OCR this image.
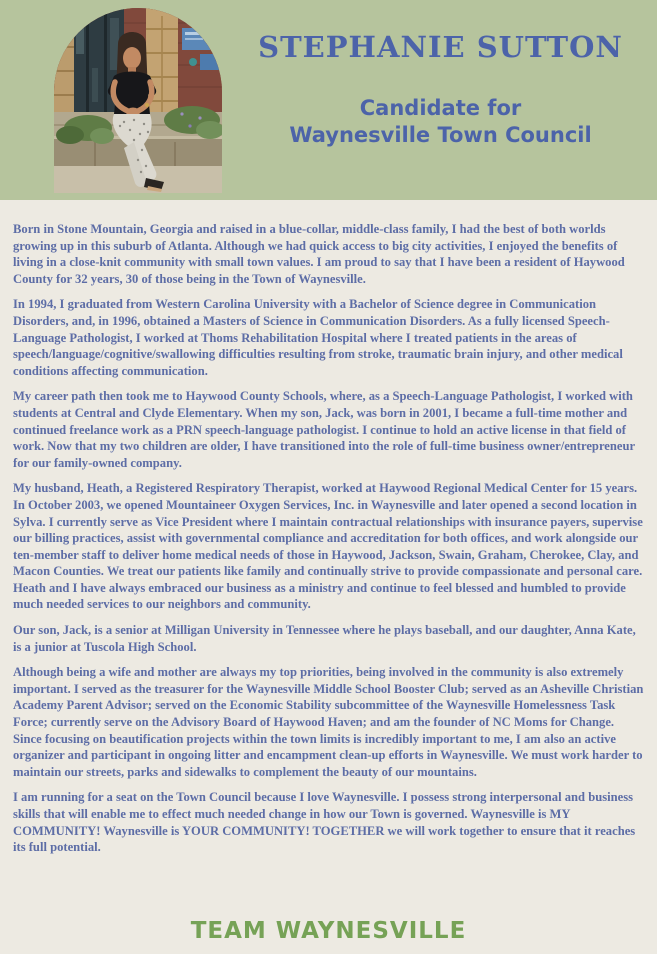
STEPHANIE SUTTON
Candidate for
Waynesville Town Council

Born in Stone Mountain, Georgia and raised in a blue-collar, middle-class family, I had the best of both worlds growing up in this suburb of Atlanta. Although we had quick access to big city activities, I enjoyed the benefits of living in a close-knit community with small town values. I am proud to say that I have been a resident of Haywood County for 32 years, 30 of those being in the Town of Waynesville.

In 1994, I graduated from Western Carolina University with a Bachelor of Science degree in Communication Disorders, and, in 1996, obtained a Masters of Science in Communication Disorders. As a fully licensed Speech-Language Pathologist, I worked at Thoms Rehabilitation Hospital where I treated patients in the areas of speech/language/cognitive/swallowing difficulties resulting from stroke, traumatic brain injury, and other medical conditions affecting communication.

My career path then took me to Haywood County Schools, where, as a Speech-Language Pathologist, I worked with students at Central and Clyde Elementary. When my son, Jack, was born in 2001, I became a full-time mother and continued freelance work as a PRN speech-language pathologist. I continue to hold an active license in that field of work. Now that my two children are older, I have transitioned into the role of full-time business owner/entrepreneur for our family-owned company.

My husband, Heath, a Registered Respiratory Therapist, worked at Haywood Regional Medical Center for 15 years. In October 2003, we opened Mountaineer Oxygen Services, Inc. in Waynesville and later opened a second location in Sylva. I currently serve as Vice President where I maintain contractual relationships with insurance payers, supervise our billing practices, assist with governmental compliance and accreditation for both offices, and work alongside our ten-member staff to deliver home medical needs of those in Haywood, Jackson, Swain, Graham, Cherokee, Clay, and Macon Counties. We treat our patients like family and continually strive to provide compassionate and personal care. Heath and I have always embraced our business as a ministry and continue to feel blessed and humbled to provide much needed services to our neighbors and community.

Our son, Jack, is a senior at Milligan University in Tennessee where he plays baseball, and our daughter, Anna Kate, is a junior at Tuscola High School.

Although being a wife and mother are always my top priorities, being involved in the community is also extremely important. I served as the treasurer for the Waynesville Middle School Booster Club; served as an Asheville Christian Academy Parent Advisor; served on the Economic Stability subcommittee of the Waynesville Homelessness Task Force; currently serve on the Advisory Board of Haywood Haven; and am the founder of NC Moms for Change. Since focusing on beautification projects within the town limits is incredibly important to me, I am also an active organizer and participant in ongoing litter and encampment clean-up efforts in Waynesville. We must work harder to maintain our streets, parks and sidewalks to complement the beauty of our mountains.

I am running for a seat on the Town Council because I love Waynesville. I possess strong interpersonal and business skills that will enable me to effect much needed change in how our Town is governed. Waynesville is MY COMMUNITY! Waynesville is YOUR COMMUNITY! TOGETHER we will work together to ensure that it reaches its full potential.

TEAM WAYNESVILLE
